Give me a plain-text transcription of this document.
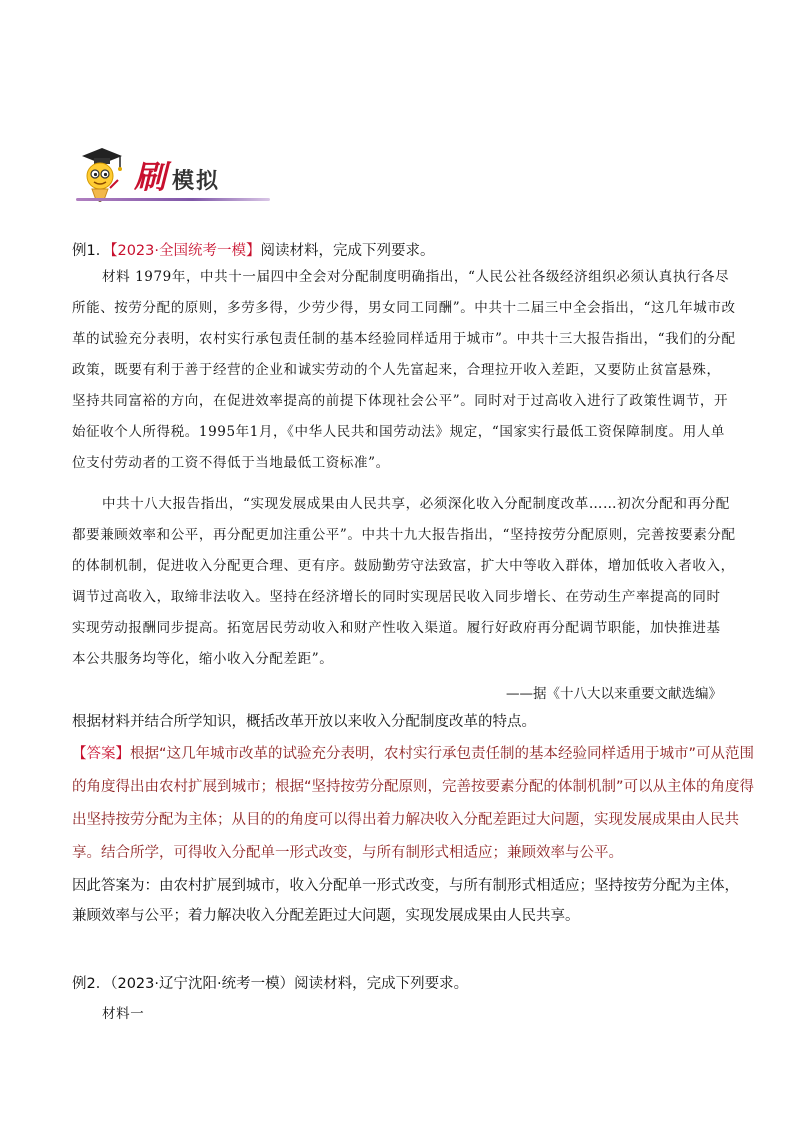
刷 模拟
例1．【2023·全国统考一模】阅读材料，完成下列要求。
材料 1979年，中共十一届四中全会对分配制度明确指出，“人民公社各级经济组织必须认真执行各尽
所能、按劳分配的原则，多劳多得，少劳少得，男女同工同酬”。中共十二届三中全会指出，“这几年城市改
革的试验充分表明，农村实行承包责任制的基本经验同样适用于城市”。中共十三大报告指出，“我们的分配
政策，既要有利于善于经营的企业和诚实劳动的个人先富起来，合理拉开收入差距，又要防止贫富悬殊，
坚持共同富裕的方向，在促进效率提高的前提下体现社会公平”。同时对于过高收入进行了政策性调节，开
始征收个人所得税。1995年1月，《中华人民共和国劳动法》规定，“国家实行最低工资保障制度。用人单
位支付劳动者的工资不得低于当地最低工资标准”。
中共十八大报告指出，“实现发展成果由人民共享，必须深化收入分配制度改革……初次分配和再分配
都要兼顾效率和公平，再分配更加注重公平”。中共十九大报告指出，“坚持按劳分配原则，完善按要素分配
的体制机制，促进收入分配更合理、更有序。鼓励勤劳守法致富，扩大中等收入群体，增加低收入者收入，
调节过高收入，取缔非法收入。坚持在经济增长的同时实现居民收入同步增长、在劳动生产率提高的同时
实现劳动报酬同步提高。拓宽居民劳动收入和财产性收入渠道。履行好政府再分配调节职能，加快推进基
本公共服务均等化，缩小收入分配差距”。
——据《十八大以来重要文献选编》
根据材料并结合所学知识，概括改革开放以来收入分配制度改革的特点。
【答案】根据“这几年城市改革的试验充分表明，农村实行承包责任制的基本经验同样适用于城市”可从范围
的角度得出由农村扩展到城市；根据“坚持按劳分配原则，完善按要素分配的体制机制”可以从主体的角度得
出坚持按劳分配为主体；从目的的角度可以得出着力解决收入分配差距过大问题，实现发展成果由人民共
享。结合所学，可得收入分配单一形式改变，与所有制形式相适应；兼顾效率与公平。
因此答案为：由农村扩展到城市，收入分配单一形式改变，与所有制形式相适应；坚持按劳分配为主体，
兼顾效率与公平；着力解决收入分配差距过大问题，实现发展成果由人民共享。
例2．（2023·辽宁沈阳·统考一模）阅读材料，完成下列要求。
材料一
